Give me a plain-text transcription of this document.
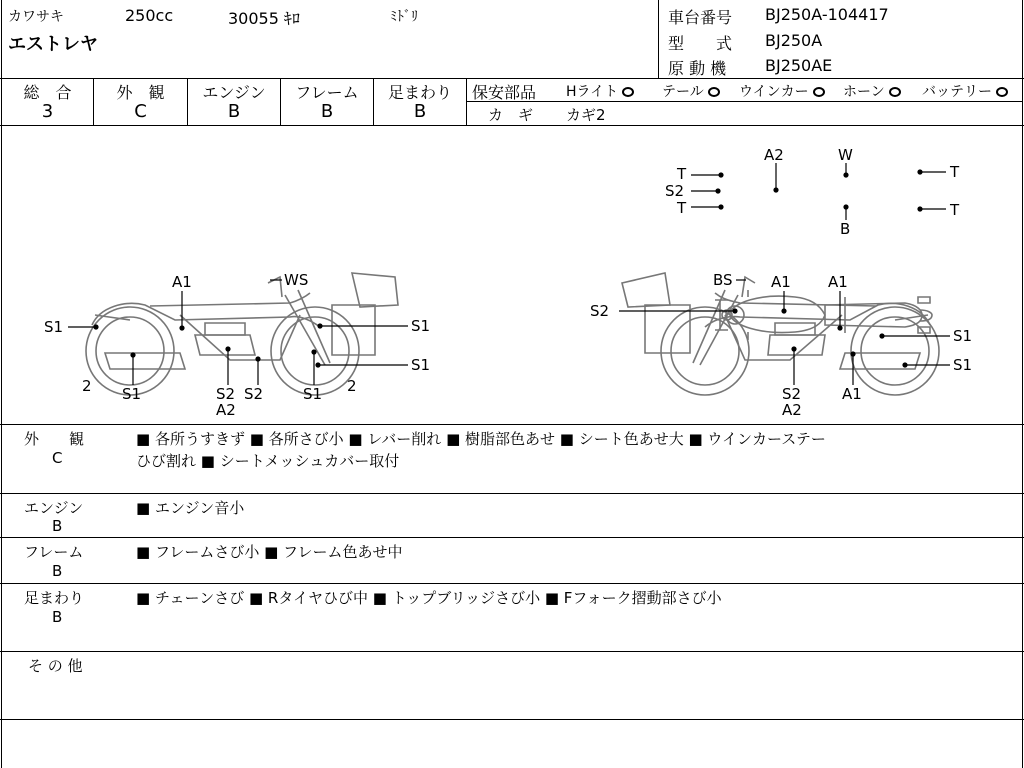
カワサキ	250cc	30055 ｷﾛ	ﾐﾄﾞﾘ
エストレヤ
車台番号 BJ250A-104417
型　　式 BJ250A
原 動 機 BJ250AE
総　合
3
外　観
C
エンジン
B
フレーム
B
足まわり
B
保安部品 Hライト	テール	ウインカー	ホーン	バッテリー
カ　ギ カギ2
A2	W
T
S2
T
T
T
B
A1	WS
S1	S1
S1
2 S1	S2 S2
A2
S1 2
BS	A1 A1
S2
S1
S1
S2
A2
A1
外　　観
C
■ 各所うすきず ■ 各所さび小 ■ レバー削れ ■ 樹脂部色あせ ■ シート色あせ大 ■ ウインカーステー
ひび割れ ■ シートメッシュカバー取付
エンジン
B
■ エンジン音小
フレーム
B
■ フレームさび小 ■ フレーム色あせ中
足まわり
B
■ チェーンさび ■ Rタイヤひび中 ■ トップブリッジさび小 ■ Fフォーク摺動部さび小
そ の 他
